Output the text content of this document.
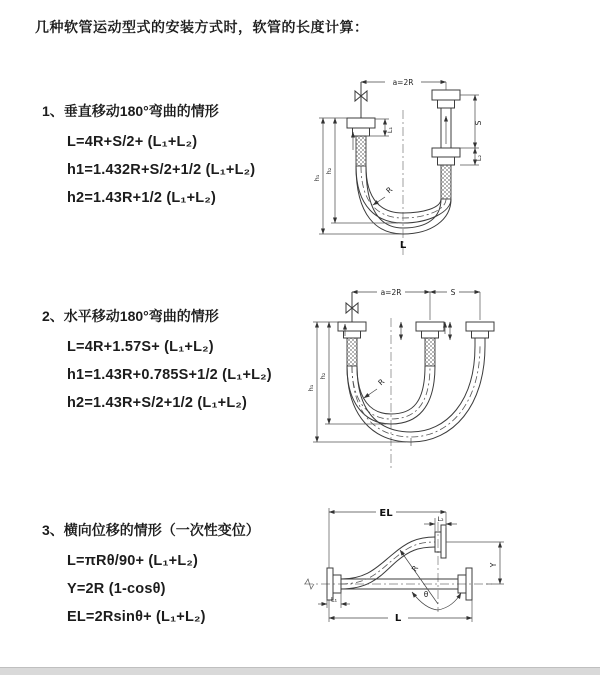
几种软管运动型式的安装方式时，软管的长度计算：
1、垂直移动180°弯曲的情形
L=4R+S/2+ (L₁+L₂)
h1=1.432R+S/2+1/2 (L₁+L₂)
h2=1.43R+1/2 (L₁+L₂)
2、水平移动180°弯曲的情形
L=4R+1.57S+ (L₁+L₂)
h1=1.43R+0.785S+1/2 (L₁+L₂)
h2=1.43R+S/2+1/2 (L₁+L₂)
3、横向位移的情形（一次性变位）
L=πRθ/90+ (L₁+L₂)
Y=2R (1-cosθ)
EL=2Rsinθ+ (L₁+L₂)
a=2R
L₁
S
L₂
h₂
h₁
R
L
a=2R	S
h₂
h₁
R
EL	L₂
Y
L
L₁
R
θ
